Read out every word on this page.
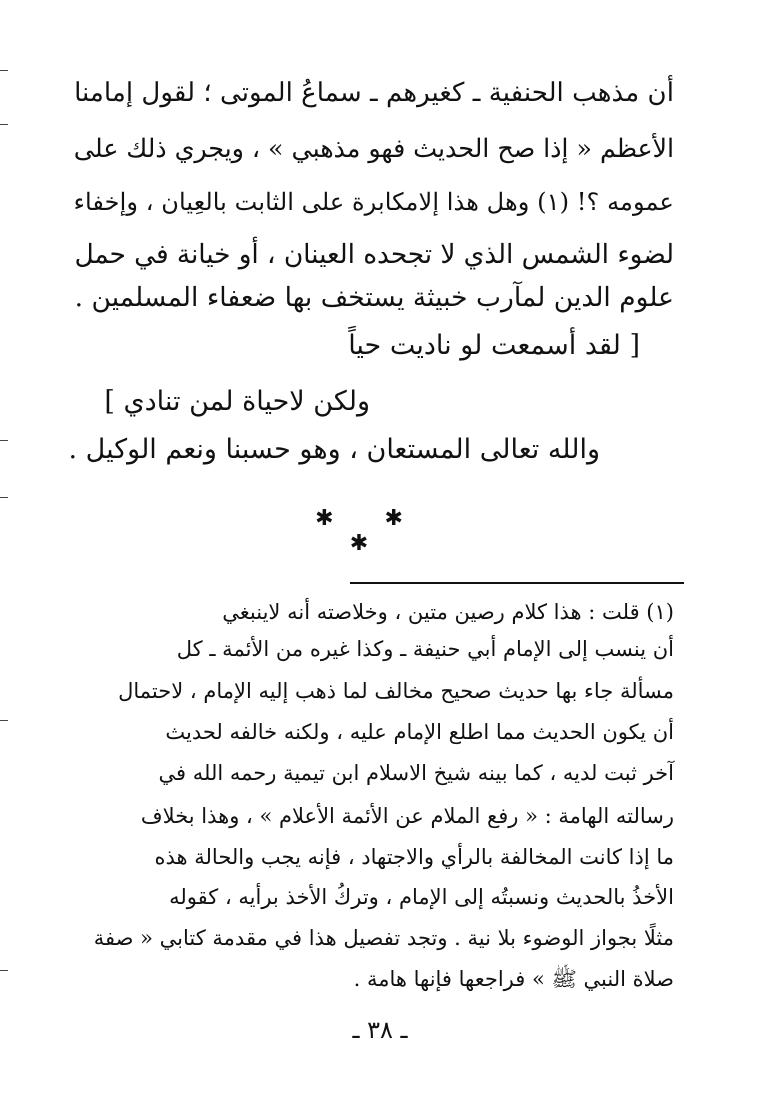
أن مذهب الحنفية ـ كغيرهم ـ سماعُ الموتى ؛ لقول إمامنا
الأعظم « إذا صح الحديث فهو مذهبي » ، ويجري ذلك على
عمومه ؟! (١) وهل هذا إلامكابرة على الثابت بالعِيان ، وإخفاء
لضوء الشمس الذي لا تجحده العينان ، أو خيانة في حمل
علوم الدين لمآرب خبيثة يستخف بها ضعفاء المسلمين .
[ لقد أسمعت لو ناديت حياً
ولكن لاحياة لمن تنادي ]
والله تعالى المستعان ، وهو حسبنا ونعم الوكيل .
✱ ✱ ✱
(١) قلت : هذا كلام رصين متين ، وخلاصته أنه لاينبغي
أن ينسب إلى الإمام أبي حنيفة ـ وكذا غيره من الأئمة ـ كل
مسألة جاء بها حديث صحيح مخالف لما ذهب إليه الإمام ، لاحتمال
أن يكون الحديث مما اطلع الإمام عليه ، ولكنه خالفه لحديث
آخر ثبت لديه ، كما بينه شيخ الاسلام ابن تيمية رحمه الله في
رسالته الهامة : « رفع الملام عن الأئمة الأعلام » ، وهذا بخلاف
ما إذا كانت المخالفة بالرأي والاجتهاد ، فإنه يجب والحالة هذه
الأخذُ بالحديث ونسبتُه إلى الإمام ، وتركُ الأخذ برأيه ، كقوله
مثلًا بجواز الوضوء بلا نية . وتجد تفصيل هذا في مقدمة كتابي « صفة
صلاة النبي ﷺ » فراجعها فإنها هامة .
ـ ٣٨ ـ
